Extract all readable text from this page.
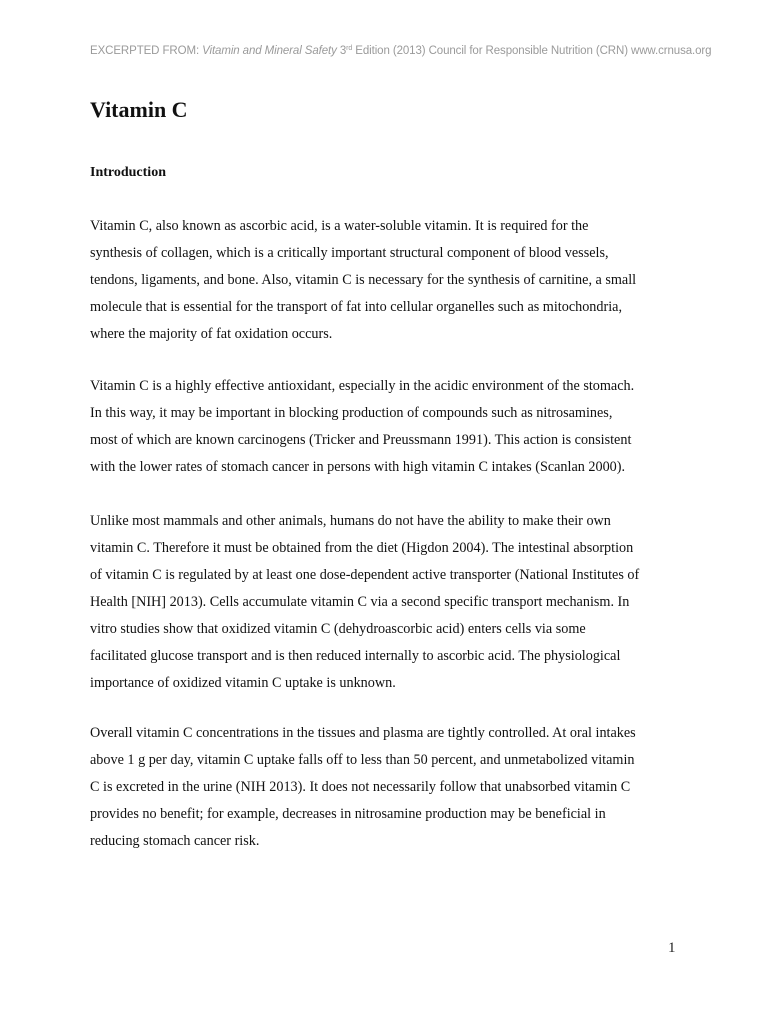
EXCERPTED FROM: Vitamin and Mineral Safety 3rd Edition (2013) Council for Responsible Nutrition (CRN) www.crnusa.org
Vitamin C
Introduction

Vitamin C, also known as ascorbic acid, is a water-soluble vitamin. It is required for the
synthesis of collagen, which is a critically important structural component of blood vessels,
tendons, ligaments, and bone. Also, vitamin C is necessary for the synthesis of carnitine, a small
molecule that is essential for the transport of fat into cellular organelles such as mitochondria,
where the majority of fat oxidation occurs.

Vitamin C is a highly effective antioxidant, especially in the acidic environment of the stomach.
In this way, it may be important in blocking production of compounds such as nitrosamines,
most of which are known carcinogens (Tricker and Preussmann 1991). This action is consistent
with the lower rates of stomach cancer in persons with high vitamin C intakes (Scanlan 2000).

Unlike most mammals and other animals, humans do not have the ability to make their own
vitamin C. Therefore it must be obtained from the diet (Higdon 2004). The intestinal absorption
of vitamin C is regulated by at least one dose-dependent active transporter (National Institutes of
Health [NIH] 2013). Cells accumulate vitamin C via a second specific transport mechanism. In
vitro studies show that oxidized vitamin C (dehydroascorbic acid) enters cells via some
facilitated glucose transport and is then reduced internally to ascorbic acid. The physiological
importance of oxidized vitamin C uptake is unknown.

Overall vitamin C concentrations in the tissues and plasma are tightly controlled. At oral intakes
above 1 g per day, vitamin C uptake falls off to less than 50 percent, and unmetabolized vitamin
C is excreted in the urine (NIH 2013). It does not necessarily follow that unabsorbed vitamin C
provides no benefit; for example, decreases in nitrosamine production may be beneficial in
reducing stomach cancer risk.

1
